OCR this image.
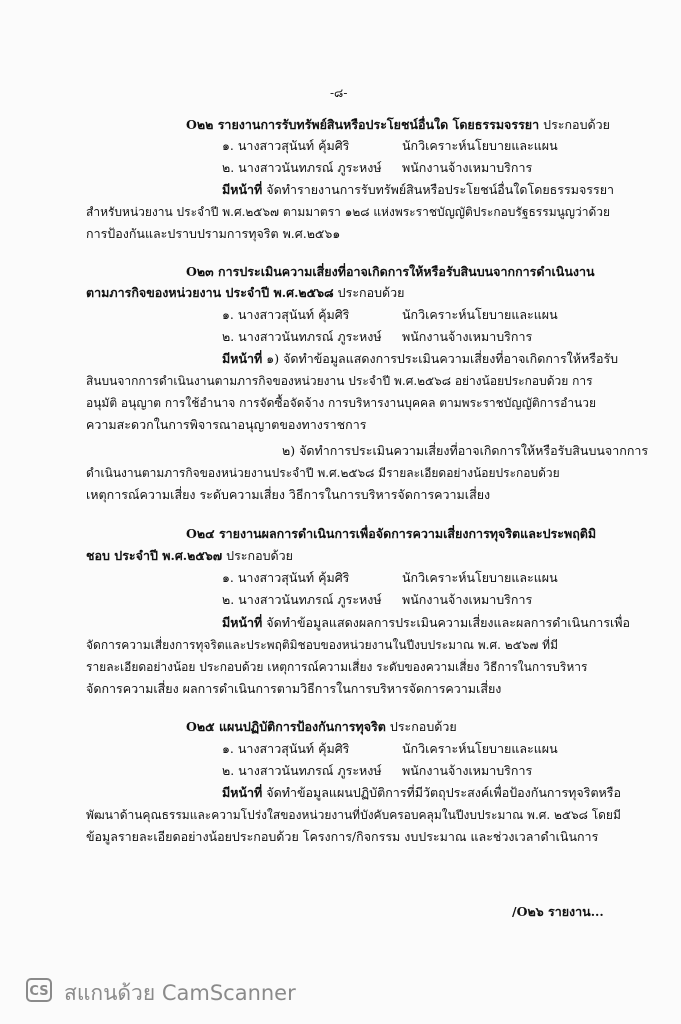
-๘-
O๒๒ รายงานการรับทรัพย์สินหรือประโยชน์อื่นใด โดยธรรมจรรยา ประกอบด้วย
๑. นางสาวสุนันท์ คุ้มศิริ	นักวิเคราะห์นโยบายและแผน
๒. นางสาวนันทภรณ์ ภูระหงษ์ พนักงานจ้างเหมาบริการ
มีหน้าที่ จัดทำรายงานการรับทรัพย์สินหรือประโยชน์อื่นใดโดยธรรมจรรยา
สำหรับหน่วยงาน ประจำปี พ.ศ.๒๕๖๗ ตามมาตรา ๑๒๘ แห่งพระราชบัญญัติประกอบรัฐธรรมนูญว่าด้วย
การป้องกันและปราบปรามการทุจริต พ.ศ.๒๕๖๑
O๒๓ การประเมินความเสี่ยงที่อาจเกิดการให้หรือรับสินบนจากการดำเนินงาน
ตามภารกิจของหน่วยงาน ประจำปี พ.ศ.๒๕๖๘ ประกอบด้วย
๑. นางสาวสุนันท์ คุ้มศิริ	นักวิเคราะห์นโยบายและแผน
๒. นางสาวนันทภรณ์ ภูระหงษ์ พนักงานจ้างเหมาบริการ
มีหน้าที่ ๑) จัดทำข้อมูลแสดงการประเมินความเสี่ยงที่อาจเกิดการให้หรือรับ
สินบนจากการดำเนินงานตามภารกิจของหน่วยงาน ประจำปี พ.ศ.๒๕๖๘ อย่างน้อยประกอบด้วย การ
อนุมัติ อนุญาต การใช้อำนาจ การจัดซื้อจัดจ้าง การบริหารงานบุคคล ตามพระราชบัญญัติการอำนวย
ความสะดวกในการพิจารณาอนุญาตของทางราชการ
๒) จัดทำการประเมินความเสี่ยงที่อาจเกิดการให้หรือรับสินบนจากการ
ดำเนินงานตามภารกิจของหน่วยงานประจำปี พ.ศ.๒๕๖๘ มีรายละเอียดอย่างน้อยประกอบด้วย
เหตุการณ์ความเสี่ยง ระดับความเสี่ยง วิธีการในการบริหารจัดการความเสี่ยง
O๒๔ รายงานผลการดำเนินการเพื่อจัดการความเสี่ยงการทุจริตและประพฤติมิ
ชอบ ประจำปี พ.ศ.๒๕๖๗ ประกอบด้วย
๑. นางสาวสุนันท์ คุ้มศิริ	นักวิเคราะห์นโยบายและแผน
๒. นางสาวนันทภรณ์ ภูระหงษ์ พนักงานจ้างเหมาบริการ
มีหน้าที่ จัดทำข้อมูลแสดงผลการประเมินความเสี่ยงและผลการดำเนินการเพื่อ
จัดการความเสี่ยงการทุจริตและประพฤติมิชอบของหน่วยงานในปีงบประมาณ พ.ศ. ๒๕๖๗ ที่มี
รายละเอียดอย่างน้อย ประกอบด้วย เหตุการณ์ความเสี่ยง ระดับของความเสี่ยง วิธีการในการบริหาร
จัดการความเสี่ยง ผลการดำเนินการตามวิธีการในการบริหารจัดการความเสี่ยง
O๒๕ แผนปฏิบัติการป้องกันการทุจริต ประกอบด้วย
๑. นางสาวสุนันท์ คุ้มศิริ	นักวิเคราะห์นโยบายและแผน
๒. นางสาวนันทภรณ์ ภูระหงษ์ พนักงานจ้างเหมาบริการ
มีหน้าที่ จัดทำข้อมูลแผนปฏิบัติการที่มีวัตถุประสงค์เพื่อป้องกันการทุจริตหรือ
พัฒนาด้านคุณธรรมและความโปร่งใสของหน่วยงานที่บังคับครอบคลุมในปีงบประมาณ พ.ศ. ๒๕๖๘ โดยมี
ข้อมูลรายละเอียดอย่างน้อยประกอบด้วย โครงการ/กิจกรรม งบประมาณ และช่วงเวลาดำเนินการ
/O๒๖ รายงาน...
CS สแกนด้วย CamScanner
